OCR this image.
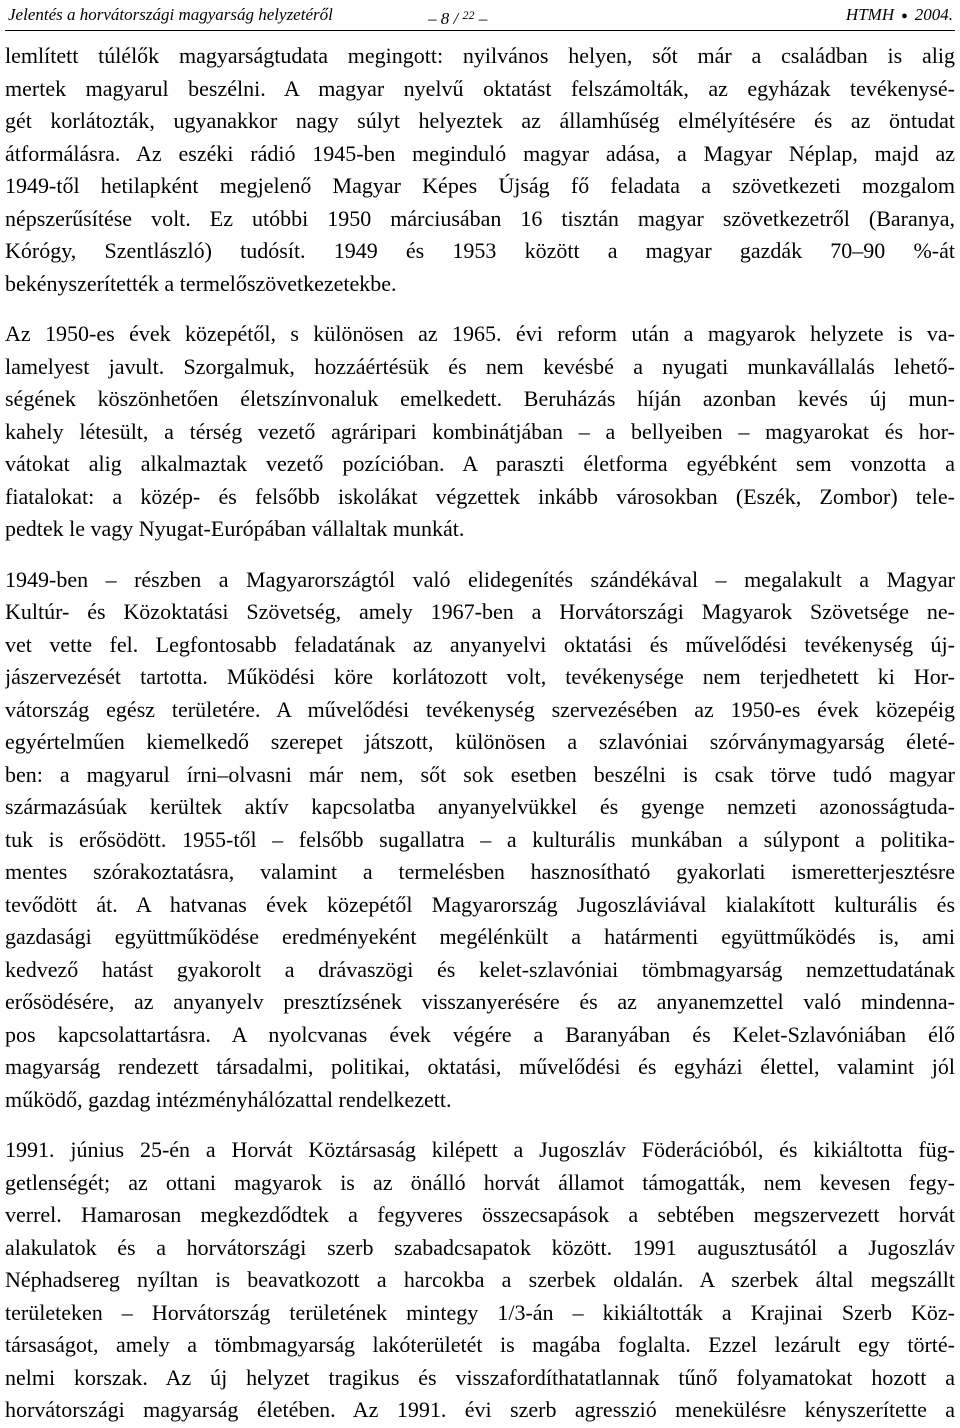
Jelentés a horvátországi magyarság helyzetéről	– 8 / $^{22}$ –	HTMH ● 2004.
lemlített túlélők magyarságtudata megingott: nyilvános helyen, sőt már a családban is alig
mertek magyarul beszélni. A magyar nyelvű oktatást felszámolták, az egyházak tevékenysé-
gét korlátozták, ugyanakkor nagy súlyt helyeztek az államhűség elmélyítésére és az öntudat
átformálásra. Az eszéki rádió 1945-ben meginduló magyar adása, a Magyar Néplap, majd az
1949-től hetilapként megjelenő Magyar Képes Újság fő feladata a szövetkezeti mozgalom
népszerűsítése volt. Ez utóbbi 1950 márciusában 16 tisztán magyar szövetkezetről (Baranya,
Kórógy, Szentlászló) tudósít. 1949 és 1953 között a magyar gazdák 70–90 %-át
bekényszerítették a termelőszövetkezetekbe.
Az 1950-es évek közepétől, s különösen az 1965. évi reform után a magyarok helyzete is va-
lamelyest javult. Szorgalmuk, hozzáértésük és nem kevésbé a nyugati munkavállalás lehető-
ségének köszönhetően életszínvonaluk emelkedett. Beruházás híján azonban kevés új mun-
kahely létesült, a térség vezető agráripari kombinátjában – a bellyeiben – magyarokat és hor-
vátokat alig alkalmaztak vezető pozícióban. A paraszti életforma egyébként sem vonzotta a
fiatalokat: a közép- és felsőbb iskolákat végzettek inkább városokban (Eszék, Zombor) tele-
pedtek le vagy Nyugat-Európában vállaltak munkát.
1949-ben – részben a Magyarországtól való elidegenítés szándékával – megalakult a Magyar
Kultúr- és Közoktatási Szövetség, amely 1967-ben a Horvátországi Magyarok Szövetsége ne-
vet vette fel. Legfontosabb feladatának az anyanyelvi oktatási és művelődési tevékenység új-
jászervezését tartotta. Működési köre korlátozott volt, tevékenysége nem terjedhetett ki Hor-
vátország egész területére. A művelődési tevékenység szervezésében az 1950-es évek közepéig
egyértelműen kiemelkedő szerepet játszott, különösen a szlavóniai szórványmagyarság életé-
ben: a magyarul írni–olvasni már nem, sőt sok esetben beszélni is csak törve tudó magyar
származásúak kerültek aktív kapcsolatba anyanyelvükkel és gyenge nemzeti azonosságtuda-
tuk is erősödött. 1955-től – felsőbb sugallatra – a kulturális munkában a súlypont a politika-
mentes szórakoztatásra, valamint a termelésben hasznosítható gyakorlati ismeretterjesztésre
tevődött át. A hatvanas évek közepétől Magyarország Jugoszláviával kialakított kulturális és
gazdasági együttműködése eredményeként megélénkült a határmenti együttműködés is, ami
kedvező hatást gyakorolt a drávaszögi és kelet-szlavóniai tömbmagyarság nemzettudatának
erősödésére, az anyanyelv presztízsének visszanyerésére és az anyanemzettel való mindenna-
pos kapcsolattartásra. A nyolcvanas évek végére a Baranyában és Kelet-Szlavóniában élő
magyarság rendezett társadalmi, politikai, oktatási, művelődési és egyházi élettel, valamint jól
működő, gazdag intézményhálózattal rendelkezett.
1991. június 25-én a Horvát Köztársaság kilépett a Jugoszláv Föderációból, és kikiáltotta füg-
getlenségét; az ottani magyarok is az önálló horvát államot támogatták, nem kevesen fegy-
verrel. Hamarosan megkezdődtek a fegyveres összecsapások a sebtében megszervezett horvát
alakulatok és a horvátországi szerb szabadcsapatok között. 1991 augusztusától a Jugoszláv
Néphadsereg nyíltan is beavatkozott a harcokba a szerbek oldalán. A szerbek által megszállt
területeken – Horvátország területének mintegy 1/3-án – kikiáltották a Krajinai Szerb Köz-
társaságot, amely a tömbmagyarság lakóterületét is magába foglalta. Ezzel lezárult egy törté-
nelmi korszak. Az új helyzet tragikus és visszafordíthatatlannak tűnő folyamatokat hozott a
horvátországi magyarság életében. Az 1991. évi szerb agresszió menekülésre kényszerítette a
